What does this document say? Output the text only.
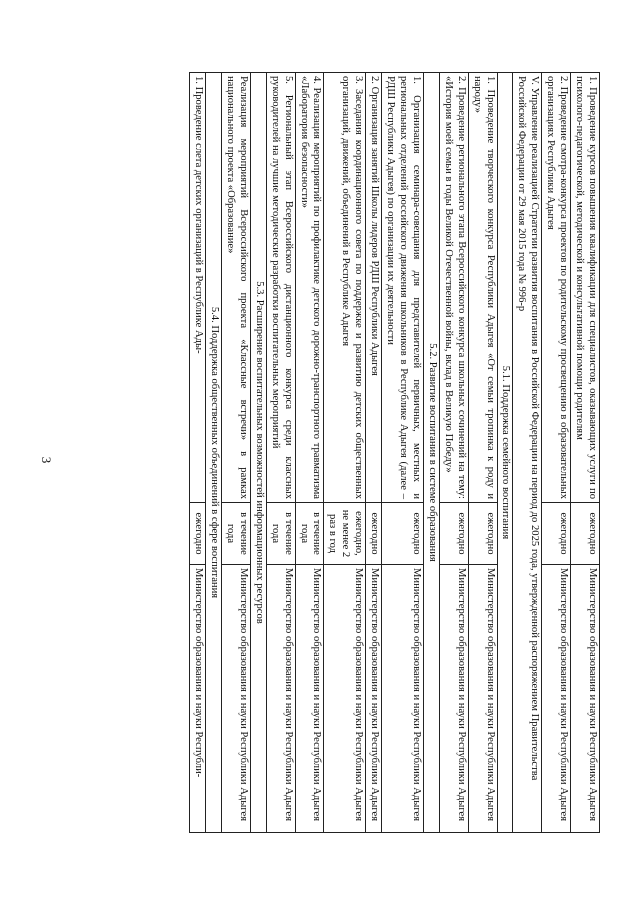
3	1. Проведение курсов повышения квалификации для специалистов, оказывающих услуги по психолого-педагогической, методической и консультативной помощи родителям	ежегодно	Министерство образования и науки Республики Адыгея
2. Проведение смотра-конкурса проектов по родительскому просвещению в образовательных организациях Республики Адыгея	ежегодно	Министерство образования и науки Республики Адыгея
V. Управление реализацией Стратегии развития воспитания в Российской Федерации на период до 2025 года, утвержденной распоряжением Правительства Российской Федерации от 29 мая 2015 года № 996-р		
5.1. Поддержка семейного воспитания		
1. Проведение творческого конкурса Республики Адыгея «От семьи тропинка к роду и народу»	ежегодно	Министерство образования и науки Республики Адыгея
2. Проведение регионального этапа Всероссийского конкурса школьных сочинений на тему: «История моей семьи в годы Великой Отечественной войны, вклад в Великую Победу»	ежегодно	Министерство образования и науки Республики Адыгея
5.2. Развитие воспитания в системе образования		
1. Организация семинара-совещания для представителей первичных, местных и региональных отделений российского движения школьников в Республике Адыгея (далее – РДШ Республики Адыгея) по организации их деятельности	ежегодно	Министерство образования и науки Республики Адыгея
2. Организация занятий Школы лидеров РДШ Республики Адыгея	ежегодно	Министерство образования и науки Республики Адыгея
3. Заседания координационного совета по поддержке и развитию детских общественных организаций, движений, объединений в Республике Адыгея	ежегодно, не менее 2 раз в год	Министерство образования и науки Республики Адыгея
4. Реализация мероприятий по профилактике детского дорожно-транспортного травматизма «Лаборатория безопасности»	в течение года	Министерство образования и науки Республики Адыгея
5. Региональный этап Всероссийского дистанционного конкурса среди классных руководителей на лучшие методические разработки воспитательных мероприятий	в течение года	Министерство образования и науки Республики Адыгея
5.3. Расширение воспитательных возможностей информационных ресурсов		
Реализация мероприятий Всероссийского проекта «Классные встречи» в рамках национального проекта «Образование»	в течение года	Министерство образования и науки Республики Адыгея
5.4. Поддержка общественных объединений в сфере воспитания		
1. Проведение слета детских организаций в Республике Ады-	ежегодно	Министерство образования и науки Республи-
